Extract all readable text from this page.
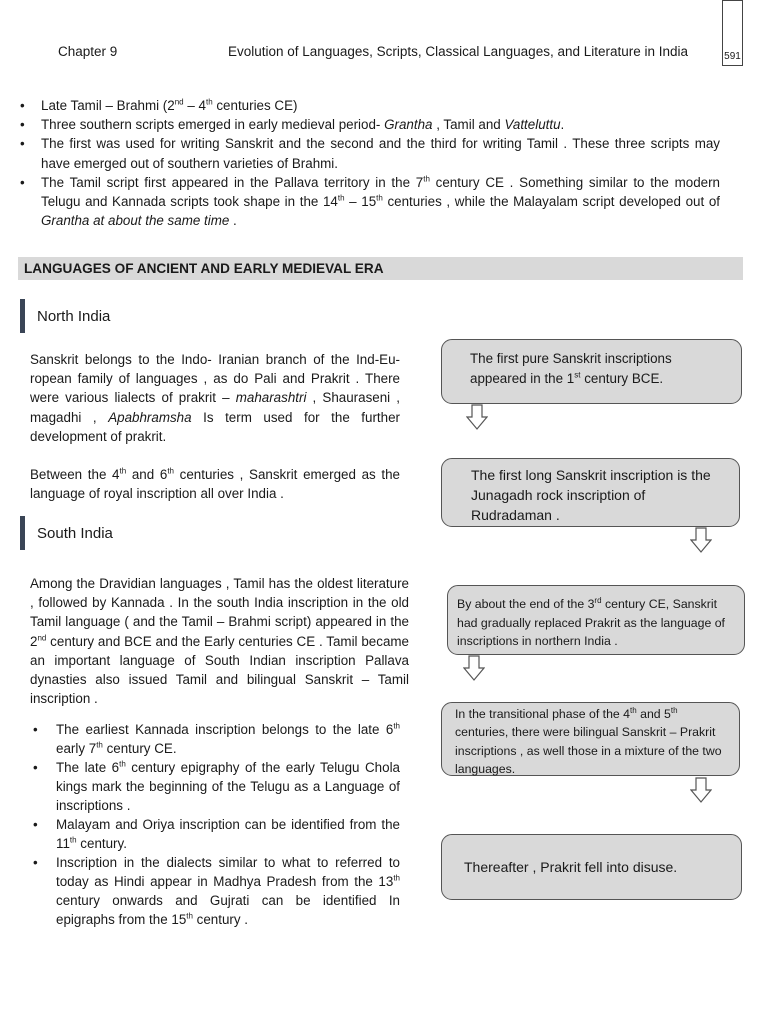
Chapter 9	Evolution of Languages, Scripts, Classical Languages, and Literature in India	591
• Late Tamil – Brahmi (2nd – 4th centuries CE)
• Three southern scripts emerged in early medieval period- Grantha , Tamil and Vatteluttu.
• The first was used for writing Sanskrit and the second and the third for writing Tamil . These three scripts may have emerged out of southern varieties of Brahmi.
• The Tamil script first appeared in the Pallava territory in the 7th century CE . Something similar to the modern Telugu and Kannada scripts took shape in the 14th – 15th centuries , while the Malayalam script developed out of Grantha at about the same time .
LANGUAGES OF ANCIENT AND EARLY MEDIEVAL ERA
North India

Sanskrit belongs to the Indo- Iranian branch of the Ind-Eu-ropean family of languages , as do Pali and Prakrit . There were various lialects of prakrit – maharashtri , Shauraseni , magadhi , Apabhramsha Is term used for the further development of prakrit.

Between the 4th and 6th centuries , Sanskrit emerged as the language of royal inscription all over India .

South India

Among the Dravidian languages , Tamil has the oldest literature , followed by Kannada . In the south India inscription in the old Tamil language ( and the Tamil – Brahmi script) appeared in the 2nd century and BCE and the Early centuries CE . Tamil became an important language of South Indian inscription Pallava dynasties also issued Tamil and bilingual Sanskrit – Tamil inscription .

• The earliest Kannada inscription belongs to the late 6th early 7th century CE.
• The late 6th century epigraphy of the early Telugu Chola kings mark the beginning of the Telugu as a Language of inscriptions .
• Malayam and Oriya inscription can be identified from the 11th century.
• Inscription in the dialects similar to what to referred to today as Hindi appear in Madhya Pradesh from the 13th century onwards and Gujrati can be identified In epigraphs from the 15th century .
The first pure Sanskrit inscriptions appeared in the 1st century BCE.
The first long Sanskrit inscription is the Junagadh rock inscription of Rudradaman .
By about the end of the 3rd century CE, Sanskrit had gradually replaced Prakrit as the language of inscriptions in northern India .
In the transitional phase of the 4th and 5th centuries, there were bilingual Sanskrit – Prakrit inscriptions , as well those in a mixture of the two languages.
Thereafter , Prakrit fell into disuse.
